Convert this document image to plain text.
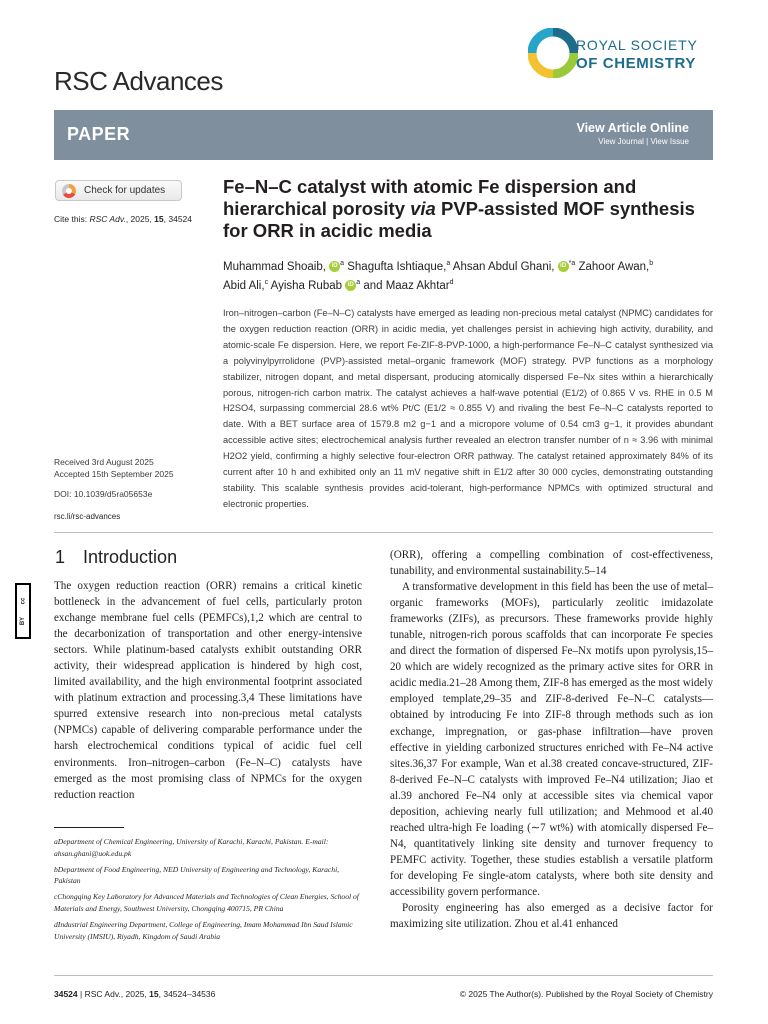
RSC Advances
ROYAL SOCIETY
OF CHEMISTRY
PAPER	View Article Online
View Journal | View Issue
Check for updates
Cite this: RSC Adv., 2025, 15, 34524
Fe–N–C catalyst with atomic Fe dispersion and hierarchical porosity via PVP-assisted MOF synthesis for ORR in acidic media
Muhammad Shoaib, iD $^a$ Shagufta Ishtiaque,$^a$ Ahsan Abdul Ghani, iD $^{*a}$ Zahoor Awan,$^b$
Abid Ali,$^c$ Ayisha Rubab iD $^a$ and Maaz Akhtar$^d$

Iron–nitrogen–carbon (Fe–N–C) catalysts have emerged as leading non-precious metal catalyst (NPMC) candidates for the oxygen reduction reaction (ORR) in acidic media, yet challenges persist in achieving high activity, durability, and atomic-scale Fe dispersion. Here, we report Fe-ZIF-8-PVP-1000, a high-performance Fe–N–C catalyst synthesized via a polyvinylpyrrolidone (PVP)-assisted metal–organic framework (MOF) strategy. PVP functions as a morphology stabilizer, nitrogen dopant, and metal dispersant, producing atomically dispersed Fe–Nx sites within a hierarchically porous, nitrogen-rich carbon matrix. The catalyst achieves a half-wave potential (E1/2) of 0.865 V vs. RHE in 0.5 M H2SO4, surpassing commercial 28.6 wt% Pt/C (E1/2 ≈ 0.855 V) and rivaling the best Fe–N–C catalysts reported to date. With a BET surface area of 1579.8 m2 g−1 and a micropore volume of 0.54 cm3 g−1, it provides abundant accessible active sites; electrochemical analysis further revealed an electron transfer number of n ≈ 3.96 with minimal H2O2 yield, confirming a highly selective four-electron ORR pathway. The catalyst retained approximately 84% of its current after 10 h and exhibited only an 11 mV negative shift in E1/2 after 30 000 cycles, demonstrating outstanding stability. This scalable synthesis provides acid-tolerant, high-performance NPMCs with optimized structural and electronic properties.

Received 3rd August 2025
Accepted 15th September 2025
DOI: 10.1039/d5ra05653e
rsc.li/rsc-advances
cc
BY
1 Introduction

The oxygen reduction reaction (ORR) remains a critical kinetic bottleneck in the advancement of fuel cells, particularly proton exchange membrane fuel cells (PEMFCs),1,2 which are central to the decarbonization of transportation and other energy-intensive sectors. While platinum-based catalysts exhibit outstanding ORR activity, their widespread application is hindered by high cost, limited availability, and the high environmental footprint associated with platinum extraction and processing.3,4 These limitations have spurred extensive research into non-precious metal catalysts (NPMCs) capable of delivering comparable performance under the harsh electrochemical conditions typical of acidic fuel cell environments. Iron–nitrogen–carbon (Fe–N–C) catalysts have emerged as the most promising class of NPMCs for the oxygen reduction reaction

(ORR), offering a compelling combination of cost-effectiveness, tunability, and environmental sustainability.5–14

A transformative development in this field has been the use of metal–organic frameworks (MOFs), particularly zeolitic imidazolate frameworks (ZIFs), as precursors. These frameworks provide highly tunable, nitrogen-rich porous scaffolds that can incorporate Fe species and direct the formation of dispersed Fe–Nx motifs upon pyrolysis,15–20 which are widely recognized as the primary active sites for ORR in acidic media.21–28 Among them, ZIF-8 has emerged as the most widely employed template,29–35 and ZIF-8-derived Fe–N–C catalysts—obtained by introducing Fe into ZIF-8 through methods such as ion exchange, impregnation, or gas-phase infiltration—have proven effective in yielding carbonized structures enriched with Fe–N4 active sites.36,37 For example, Wan et al.38 created concave-structured, ZIF-8-derived Fe–N–C catalysts with improved Fe–N4 utilization; Jiao et al.39 anchored Fe–N4 only at accessible sites via chemical vapor deposition, achieving nearly full utilization; and Mehmood et al.40 reached ultra-high Fe loading (∼7 wt%) with atomically dispersed Fe–N4, quantitatively linking site density and turnover frequency to PEMFC activity. Together, these studies establish a versatile platform for developing Fe single-atom catalysts, where both site density and accessibility govern performance.

Porosity engineering has also emerged as a decisive factor for maximizing site utilization. Zhou et al.41 enhanced

aDepartment of Chemical Engineering, University of Karachi, Karachi, Pakistan. E-mail: ahsan.ghani@uok.edu.pk

bDepartment of Food Engineering, NED University of Engineering and Technology, Karachi, Pakistan

cChongqing Key Laboratory for Advanced Materials and Technologies of Clean Energies, School of Materials and Energy, Southwest University, Chongqing 400715, PR China

dIndustrial Engineering Department, College of Engineering, Imam Mohammad Ibn Saud Islamic University (IMSIU), Riyadh, Kingdom of Saudi Arabia

34524 | RSC Adv., 2025, 15, 34524–34536	© 2025 The Author(s). Published by the Royal Society of Chemistry
